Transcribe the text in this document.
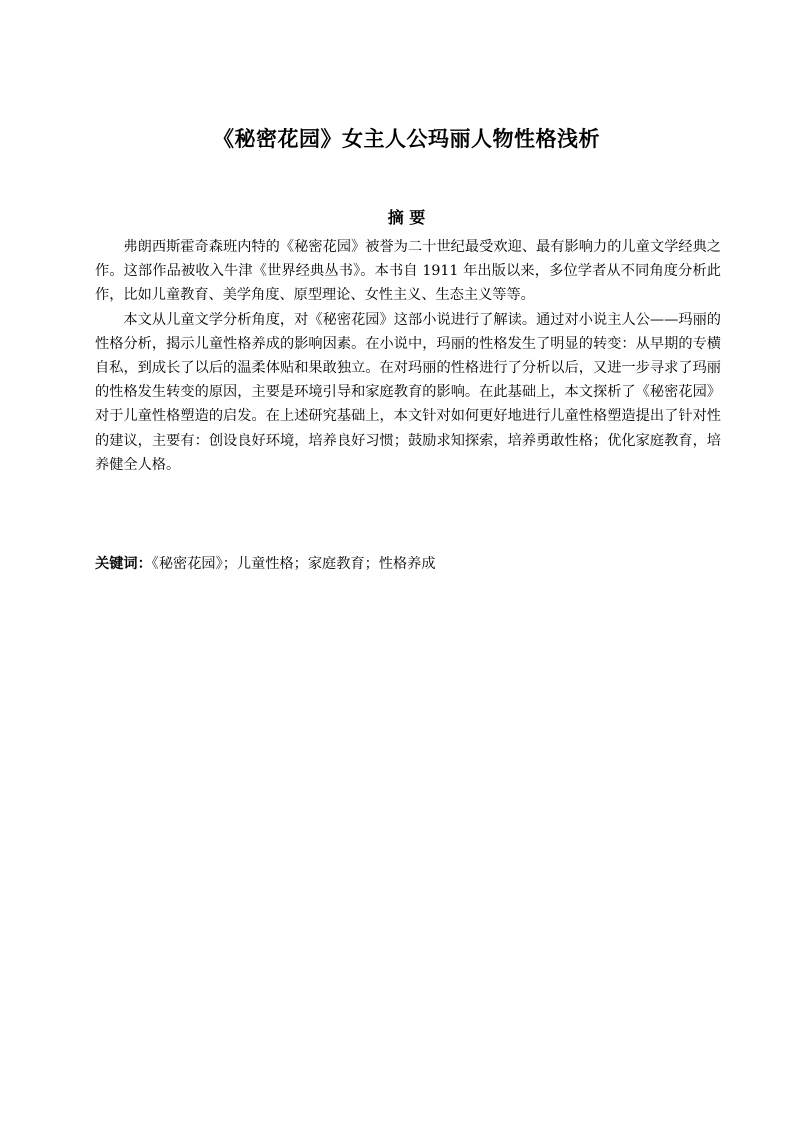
《秘密花园》女主人公玛丽人物性格浅析
摘 要

弗朗西斯霍奇森班内特的《秘密花园》被誉为二十世纪最受欢迎、最有影响力的儿童文学经典之作。这部作品被收入牛津《世界经典丛书》。本书自 1911 年出版以来，多位学者从不同角度分析此作，比如儿童教育、美学角度、原型理论、女性主义、生态主义等等。

本文从儿童文学分析角度，对《秘密花园》这部小说进行了解读。通过对小说主人公——玛丽的性格分析，揭示儿童性格养成的影响因素。在小说中，玛丽的性格发生了明显的转变：从早期的专横自私，到成长了以后的温柔体贴和果敢独立。在对玛丽的性格进行了分析以后，又进一步寻求了玛丽的性格发生转变的原因，主要是环境引导和家庭教育的影响。在此基础上，本文探析了《秘密花园》对于儿童性格塑造的启发。在上述研究基础上，本文针对如何更好地进行儿童性格塑造提出了针对性的建议，主要有：创设良好环境，培养良好习惯；鼓励求知探索，培养勇敢性格；优化家庭教育，培养健全人格。

关键词：《秘密花园》；儿童性格；家庭教育；性格养成
